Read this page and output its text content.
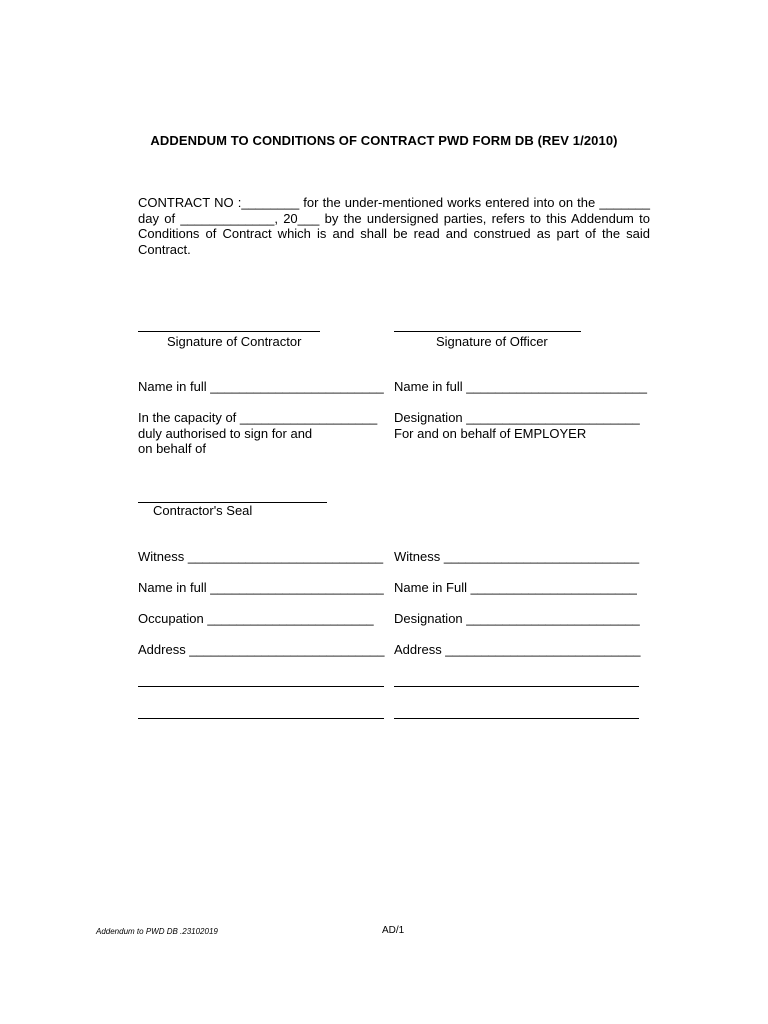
ADDENDUM TO CONDITIONS OF CONTRACT PWD FORM DB (REV 1/2010)
CONTRACT NO :________ for the under-mentioned works entered into on the _______ day of _____________, 20___ by the undersigned parties, refers to this Addendum to Conditions of Contract which is and shall be read and construed as part of the said Contract.
Signature of Contractor	Signature of Officer
Name in full ________________________ Name in full _________________________
In the capacity of ___________________
duly authorised to sign for and
on behalf of
Designation ________________________
For and on behalf of EMPLOYER
Contractor's Seal
Witness ___________________________ Witness ___________________________
Name in full ________________________ Name in Full _______________________
Occupation _______________________ Designation ________________________
Address ___________________________ Address ___________________________
Addendum to PWD DB .23102019	AD/1
